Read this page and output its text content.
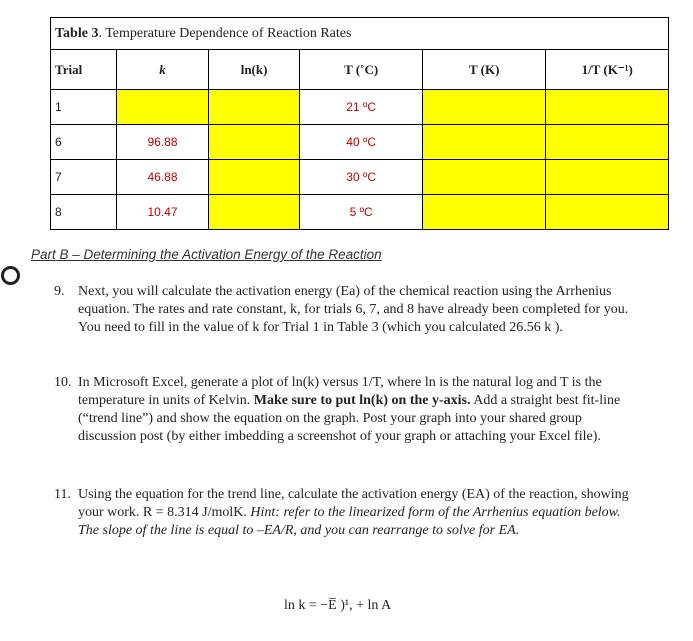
Table 3. Temperature Dependence of Reaction Rates					
Trial	k	ln(k)	T (˚C)	T (K)	1/T (K⁻¹)
1			21 ºC		
6	96.88		40 ºC		
7	46.88		30 ºC		
8	10.47		5 ºC		
Part B – Determining the Activation Energy of the Reaction
9. Next, you will calculate the activation energy (Ea) of the chemical reaction using the Arrhenius equation. The rates and rate constant, k, for trials 6, 7, and 8 have already been completed for you. You need to fill in the value of k for Trial 1 in Table 3 (which you calculated 26.56 k ).
10. In Microsoft Excel, generate a plot of ln(k) versus 1/T, where ln is the natural log and T is the temperature in units of Kelvin. Make sure to put ln(k) on the y-axis. Add a straight best fit-line (“trend line”) and show the equation on the graph. Post your graph into your shared group discussion post (by either imbedding a screenshot of your graph or attaching your Excel file).
11. Using the equation for the trend line, calculate the activation energy (EA) of the reaction, showing your work. R = 8.314 J/molK. Hint: refer to the linearized form of the Arrhenius equation below. The slope of the line is equal to –EA/R, and you can rearrange to solve for EA.
ln k = −E̅ )¹, + ln A
